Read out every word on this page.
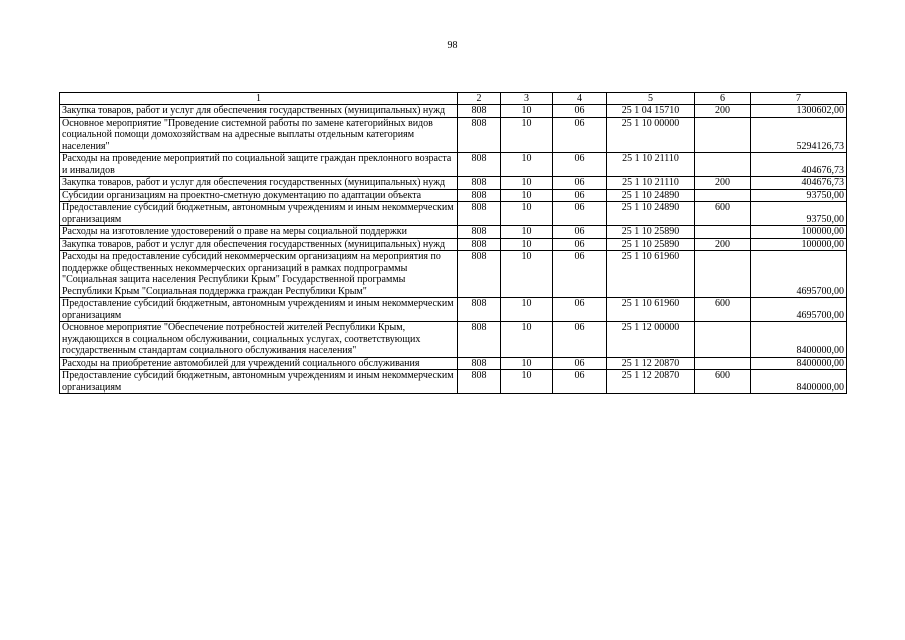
98
1	2	3	4	5	6	7
Закупка товаров, работ и услуг для обеспечения государственных (муниципальных) нужд	808	10	06	25 1 04 15710	200	1300602,00
Основное мероприятие "Проведение системной работы по замене категорийных видов социальной помощи домохозяйствам на адресные выплаты отдельным категориям населения"	808	10	06	25 1 10 00000		5294126,73
Расходы на проведение мероприятий по социальной защите граждан преклонного возраста и инвалидов	808	10	06	25 1 10 21110		404676,73
Закупка товаров, работ и услуг для обеспечения государственных (муниципальных) нужд	808	10	06	25 1 10 21110	200	404676,73
Субсидии организациям на проектно-сметную документацию по адаптации объекта	808	10	06	25 1 10 24890		93750,00
Предоставление субсидий бюджетным, автономным учреждениям и иным некоммерческим организациям	808	10	06	25 1 10 24890	600	93750,00
Расходы на изготовление удостоверений о праве на меры социальной поддержки	808	10	06	25 1 10 25890		100000,00
Закупка товаров, работ и услуг для обеспечения государственных (муниципальных) нужд	808	10	06	25 1 10 25890	200	100000,00
Расходы на предоставление субсидий некоммерческим организациям на мероприятия по поддержке общественных некоммерческих организаций в рамках подпрограммы "Социальная защита населения Республики Крым" Государственной программы Республики Крым "Социальная поддержка граждан Республики Крым"	808	10	06	25 1 10 61960		4695700,00
Предоставление субсидий бюджетным, автономным учреждениям и иным некоммерческим организациям	808	10	06	25 1 10 61960	600	4695700,00
Основное мероприятие "Обеспечение потребностей жителей Республики Крым, нуждающихся в социальном обслуживании, социальных услугах, соответствующих государственным стандартам социального обслуживания населения"	808	10	06	25 1 12 00000		8400000,00
Расходы на приобретение автомобилей для учреждений социального обслуживания	808	10	06	25 1 12 20870		8400000,00
Предоставление субсидий бюджетным, автономным учреждениям и иным некоммерческим организациям	808	10	06	25 1 12 20870	600	8400000,00
